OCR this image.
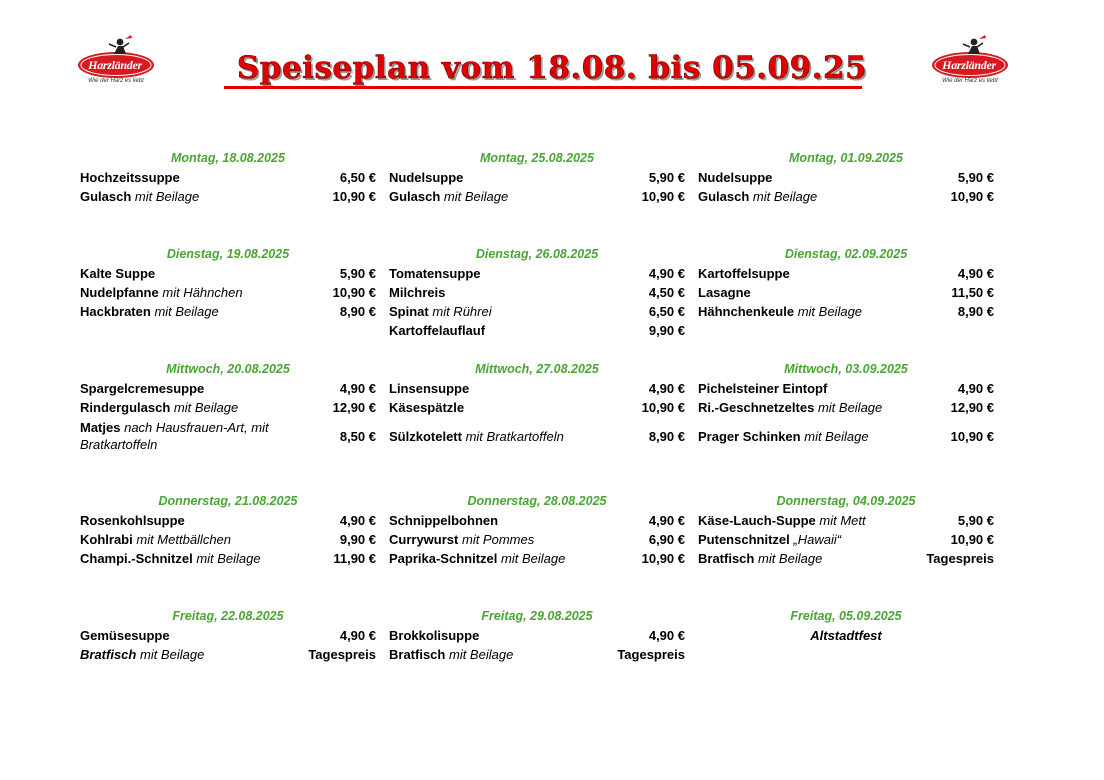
Harzländer
Wie der Harz es liebt
Harzländer
Wie der Harz es liebt
Speiseplan vom 18.08. bis 05.09.25
Montag, 18.08.2025
Hochzeitssuppe	6,50 €
Gulasch mit Beilage	10,90 €
Dienstag, 19.08.2025
Kalte Suppe	5,90 €
Nudelpfanne mit Hähnchen	10,90 €
Hackbraten mit Beilage	8,90 €
Mittwoch, 20.08.2025
Spargelcremesuppe	4,90 €
Rindergulasch mit Beilage	12,90 €
Matjes nach Hausfrauen-Art, mit Bratkartoffeln
8,50 €
Donnerstag, 21.08.2025
Rosenkohlsuppe	4,90 €
Kohlrabi mit Mettbällchen	9,90 €
Champi.-Schnitzel mit Beilage	11,90 €
Freitag, 22.08.2025
Gemüsesuppe	4,90 €
Bratfisch mit Beilage	Tagespreis
Montag, 25.08.2025
Nudelsuppe	5,90 €
Gulasch mit Beilage	10,90 €
Dienstag, 26.08.2025
Tomatensuppe	4,90 €
Milchreis	4,50 €
Spinat mit Rührei	6,50 €
Kartoffelauflauf	9,90 €
Mittwoch, 27.08.2025
Linsensuppe	4,90 €
Käsespätzle	10,90 €
Sülzkotelett mit Bratkartoffeln	8,90 €
Donnerstag, 28.08.2025
Schnippelbohnen	4,90 €
Currywurst mit Pommes	6,90 €
Paprika-Schnitzel mit Beilage	10,90 €
Freitag, 29.08.2025
Brokkolisuppe	4,90 €
Bratfisch mit Beilage	Tagespreis
Montag, 01.09.2025
Nudelsuppe	5,90 €
Gulasch mit Beilage	10,90 €
Dienstag, 02.09.2025
Kartoffelsuppe	4,90 €
Lasagne	11,50 €
Hähnchenkeule mit Beilage	8,90 €
Mittwoch, 03.09.2025
Pichelsteiner Eintopf	4,90 €
Ri.-Geschnetzeltes mit Beilage	12,90 €
Prager Schinken mit Beilage	10,90 €
Donnerstag, 04.09.2025
Käse-Lauch-Suppe mit Mett	5,90 €
Putenschnitzel „Hawaii“	10,90 €
Bratfisch mit Beilage	Tagespreis
Freitag, 05.09.2025
Altstadtfest
